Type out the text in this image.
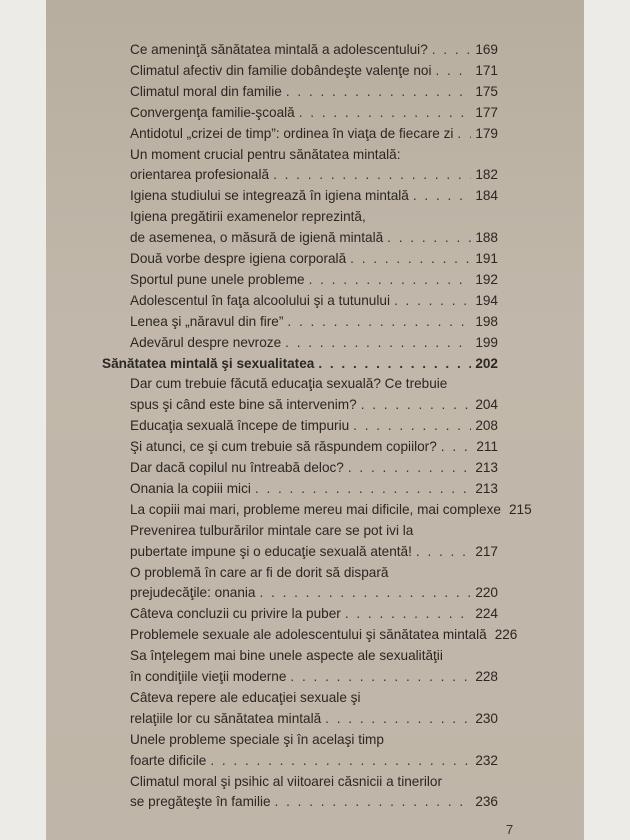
Ce ameninţă sănătatea mintală a adolescentului? . . .	169
Climatul afectiv din familie dobândeşte valenţe noi . . .	171
Climatul moral din familie . . .	175
Convergenţa familie-şcoală . . .	177
Antidotul „crizei de timp”: ordinea în viaţa de fiecare zi . . . 179
Un moment crucial pentru sănătatea mintală:
orientarea profesională . . .	182
Igiena studiului se integrează în igiena mintală . . .	184
Igiena pregătirii examenelor reprezintă,
de asemenea, o măsură de igienă mintală . . .	188
Două vorbe despre igiena corporală . . .	191
Sportul pune unele probleme . . .	192
Adolescentul în faţa alcoolului şi a tutunului . . .	194
Lenea şi „năravul din fire” . . .	198
Adevărul despre nevroze . . .	199
Sănătatea mintală şi sexualitatea . . .	202
Dar cum trebuie făcută educaţia sexuală? Ce trebuie
spus şi când este bine să intervenim? . . .	204
Educaţia sexuală începe de timpuriu . . .	208
Şi atunci, ce şi cum trebuie să răspundem copiilor? . . .	211
Dar dacă copilul nu întreabă deloc? . . .	213
Onania la copiii mici . . .	213
La copiii mai mari, probleme mereu mai dificile, mai complexe 215
Prevenirea tulburărilor mintale care se pot ivi la
pubertate impune şi o educaţie sexuală atentă! . . .	217
O problemă în care ar fi de dorit să dispară
prejudecăţile: onania . . .	220
Câteva concluzii cu privire la puber . . .	224
Problemele sexuale ale adolescentului şi sănătatea mintală 226
Sa înţelegem mai bine unele aspecte ale sexualităţii
în condiţiile vieţii moderne . . .	228
Câteva repere ale educaţiei sexuale şi
relaţiile lor cu sănătatea mintală . . .	230
Unele probleme speciale şi în acelaşi timp
foarte dificile . . .	232
Climatul moral şi psihic al viitoarei căsnicii a tinerilor
se pregăteşte în familie . . .	236
7
